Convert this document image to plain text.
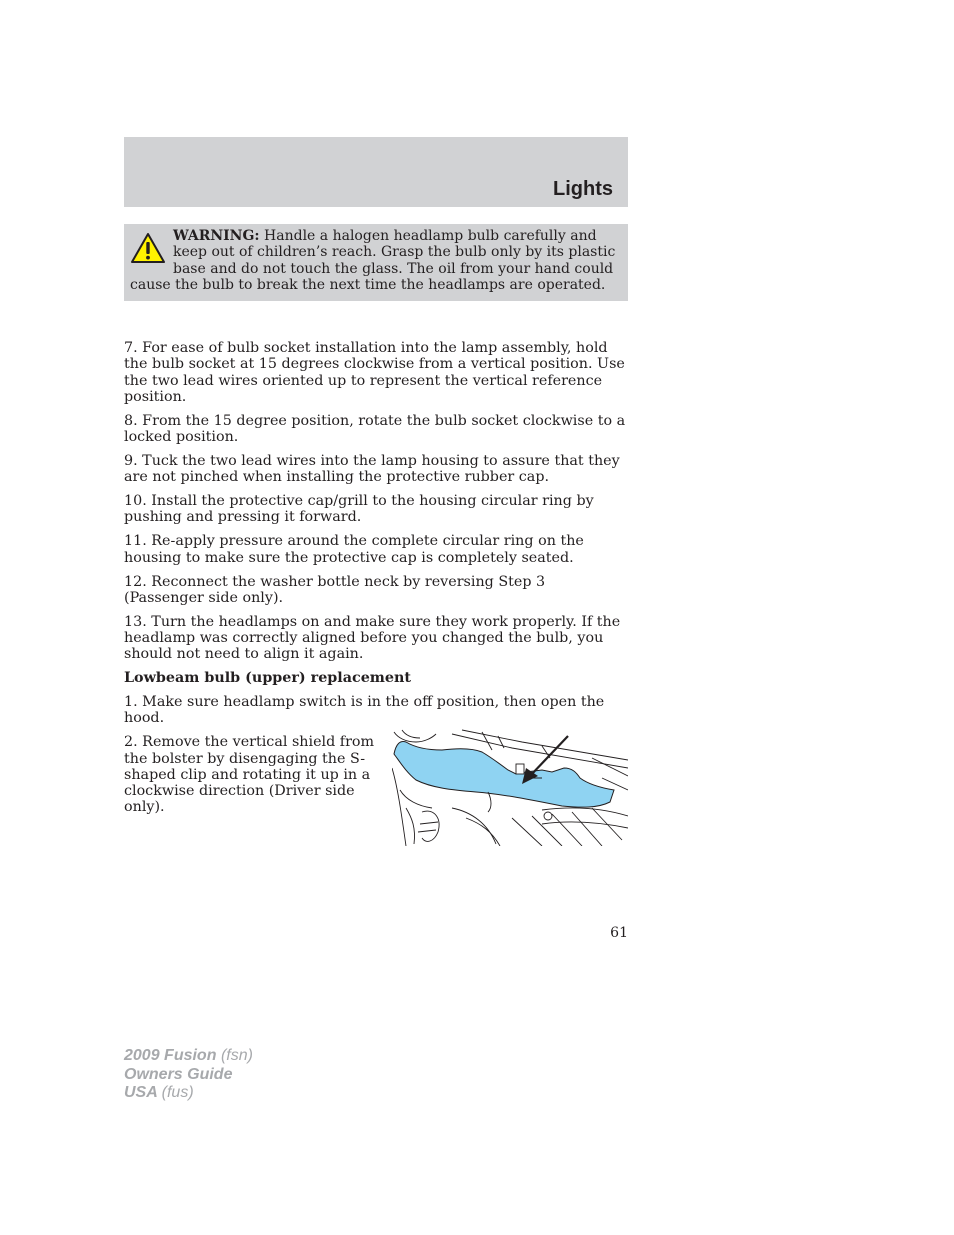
Lights
WARNING: Handle a halogen headlamp bulb carefully and keep out of children’s reach. Grasp the bulb only by its plastic base and do not touch the glass. The oil from your hand could cause the bulb to break the next time the headlamps are operated.

7. For ease of bulb socket installation into the lamp assembly, hold the bulb socket at 15 degrees clockwise from a vertical position. Use the two lead wires oriented up to represent the vertical reference position.

8. From the 15 degree position, rotate the bulb socket clockwise to a locked position.

9. Tuck the two lead wires into the lamp housing to assure that they are not pinched when installing the protective rubber cap.

10. Install the protective cap/grill to the housing circular ring by pushing and pressing it forward.

11. Re-apply pressure around the complete circular ring on the housing to make sure the protective cap is completely seated.

12. Reconnect the washer bottle neck by reversing Step 3 (Passenger side only).

13. Turn the headlamps on and make sure they work properly. If the headlamp was correctly aligned before you changed the bulb, you should not need to align it again.

Lowbeam bulb (upper) replacement

1. Make sure headlamp switch is in the off position, then open the hood.

2. Remove the vertical shield from the bolster by disengaging the S-shaped clip and rotating it up in a clockwise direction (Driver side only).

61
2009 Fusion (fsn)
Owners Guide
USA (fus)
